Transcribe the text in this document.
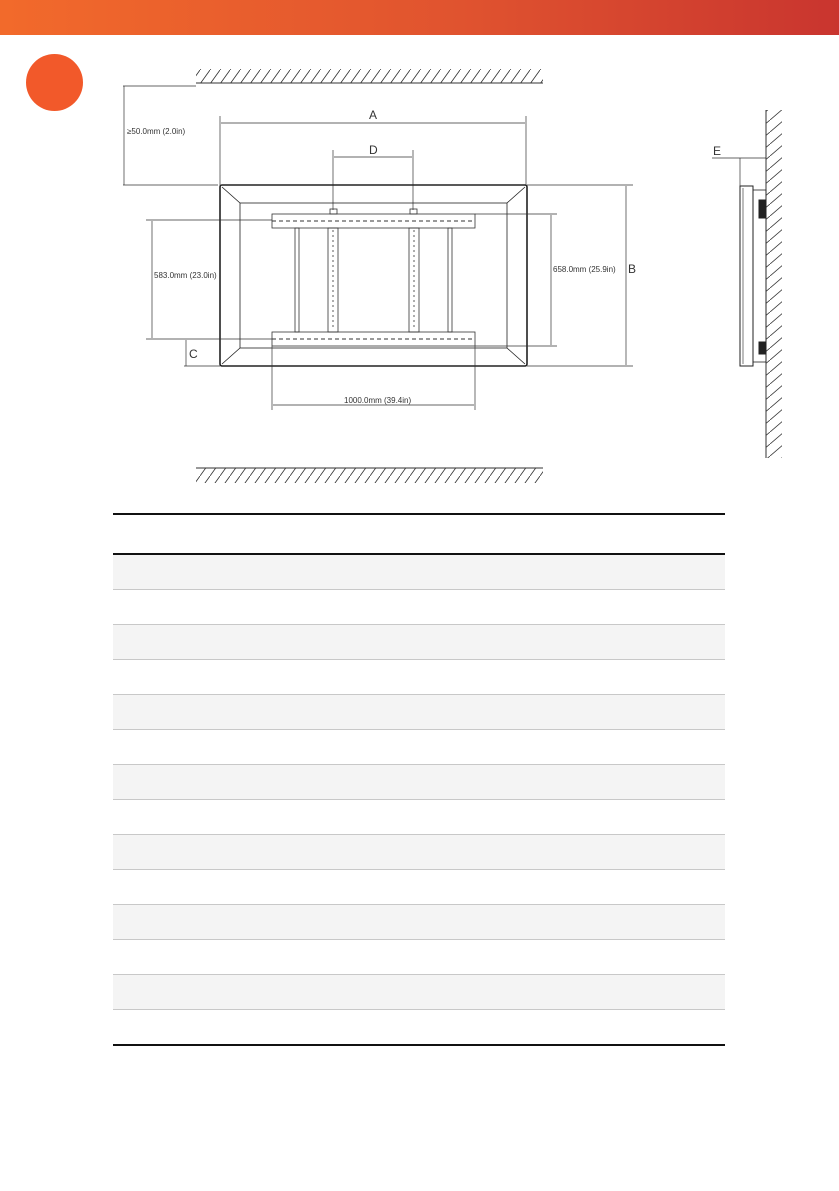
≥50.0mm (2.0in)
A
D
583.0mm (23.0in)
C
658.0mm (25.9in) B
1000.0mm (39.4in)
E
